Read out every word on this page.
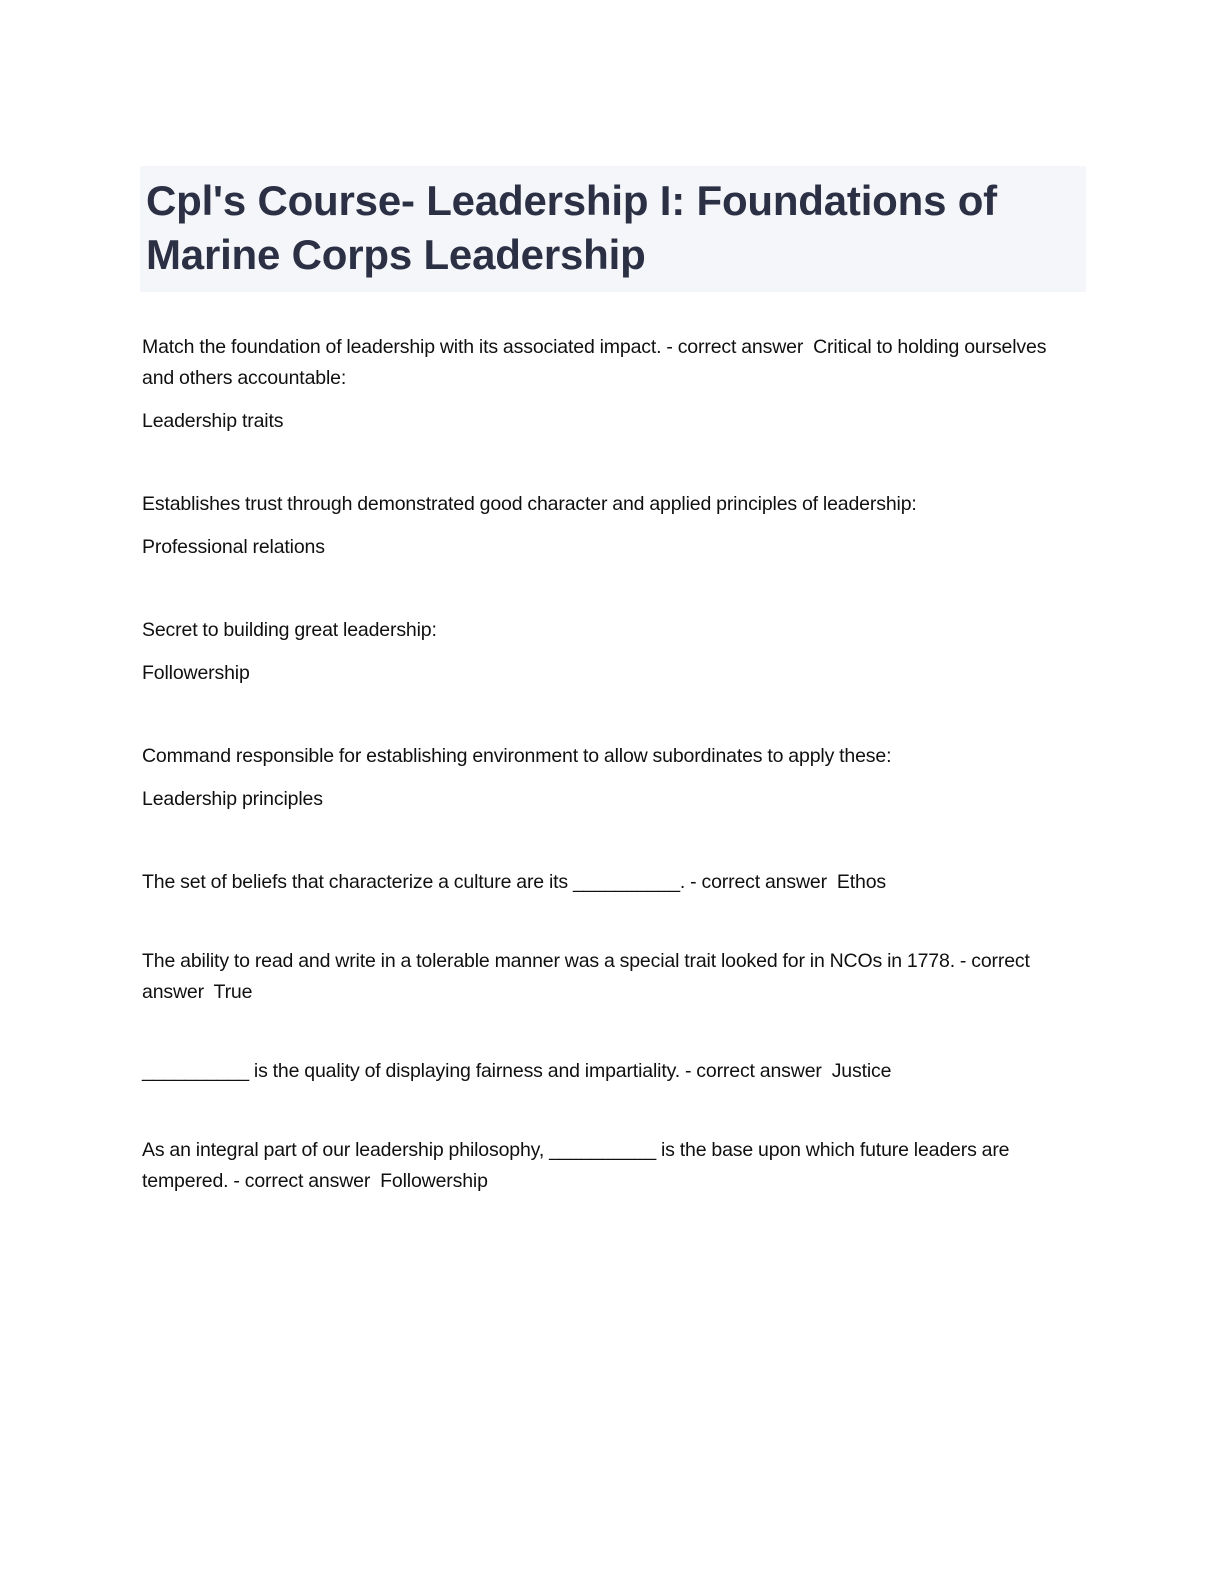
Cpl's Course- Leadership I: Foundations of Marine Corps Leadership

Match the foundation of leadership with its associated impact. - correct answer  Critical to holding ourselves and others accountable:

Leadership traits

Establishes trust through demonstrated good character and applied principles of leadership:

Professional relations

Secret to building great leadership:

Followership

Command responsible for establishing environment to allow subordinates to apply these:

Leadership principles

The set of beliefs that characterize a culture are its __________. - correct answer  Ethos

The ability to read and write in a tolerable manner was a special trait looked for in NCOs in 1778. - correct answer  True

__________ is the quality of displaying fairness and impartiality. - correct answer  Justice

As an integral part of our leadership philosophy, __________ is the base upon which future leaders are tempered. - correct answer  Followership
